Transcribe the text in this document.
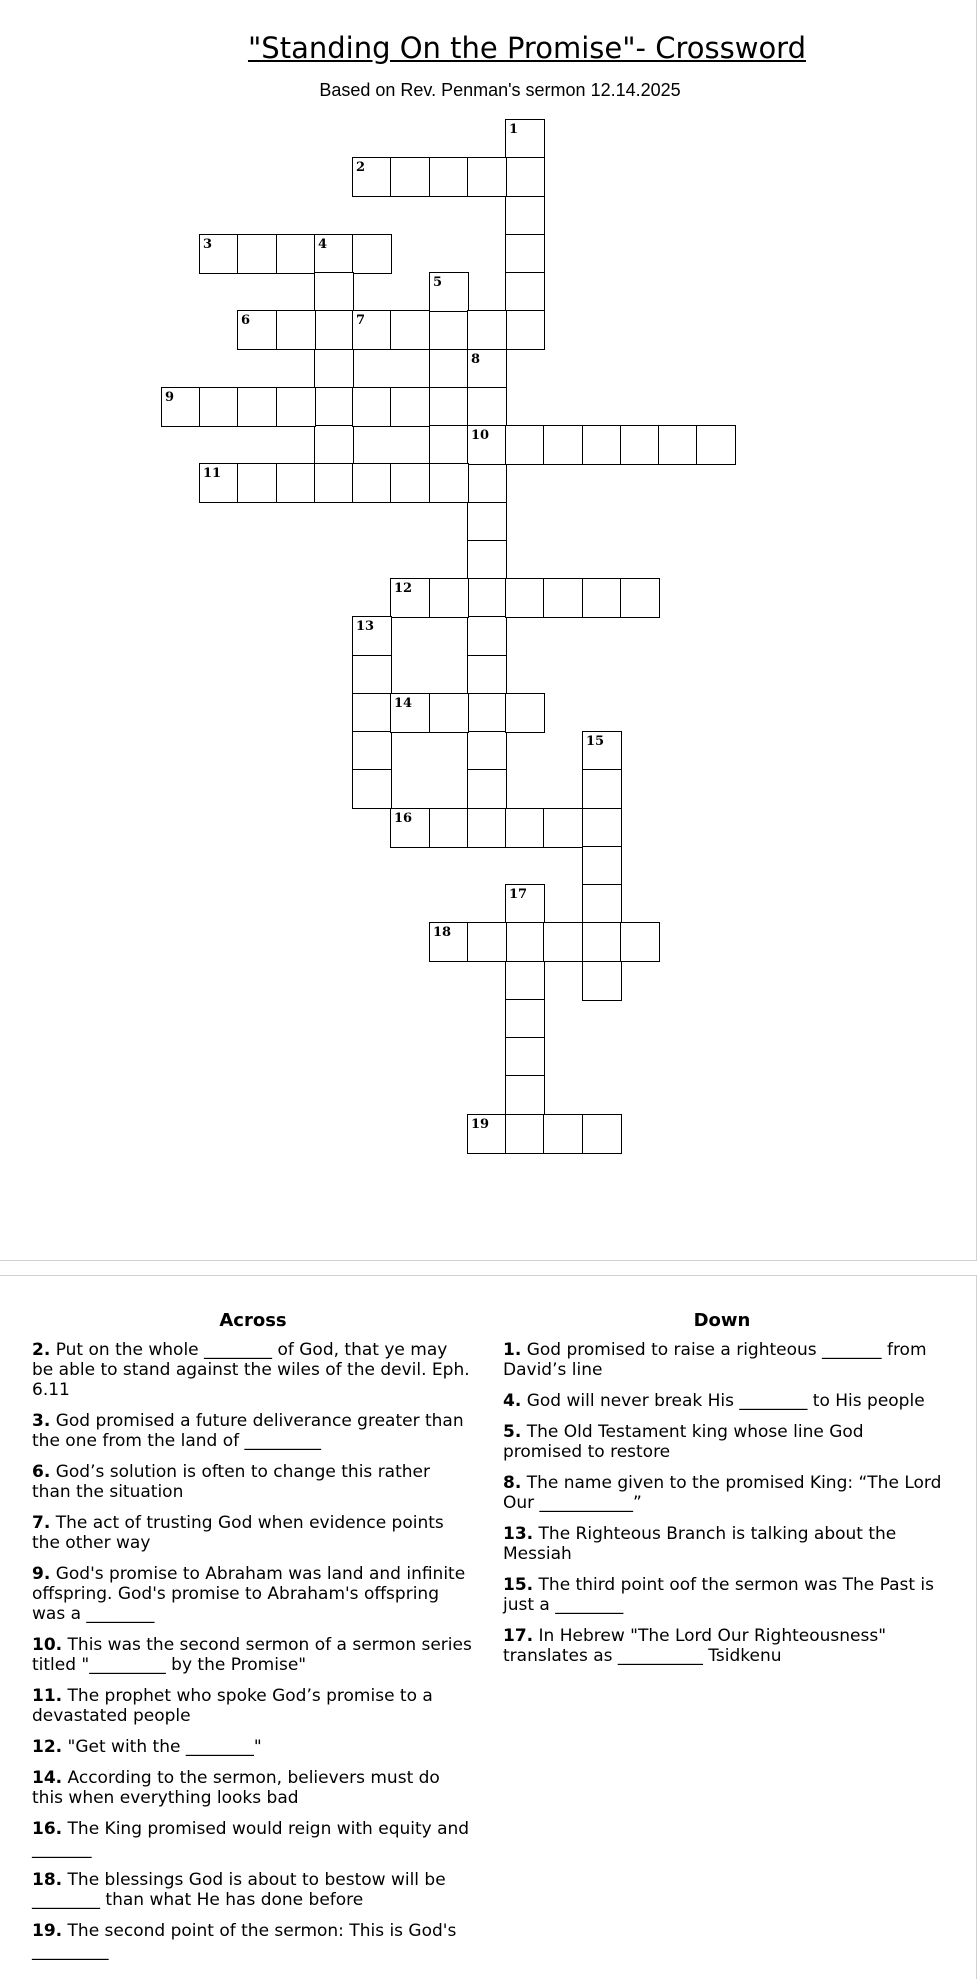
"Standing On the Promise"- Crossword
Based on Rev. Penman's sermon 12.14.2025
1
2
3	4
6	7
5
9
8
10
11
12
13
14
15
16
17
18
19
Across
2. Put on the whole ________ of God, that ye may be able to stand against the wiles of the devil. Eph. 6.11
3. God promised a future deliverance greater than the one from the land of _________
6. God’s solution is often to change this rather than the situation
7. The act of trusting God when evidence points the other way
9. God's promise to Abraham was land and infinite offspring. God's promise to Abraham's offspring was a ________
10. This was the second sermon of a sermon series titled "_________ by the Promise"
11. The prophet who spoke God’s promise to a devastated people
12. "Get with the ________"
14. According to the sermon, believers must do this when everything looks bad
16. The King promised would reign with equity and _______
18. The blessings God is about to bestow will be ________ than what He has done before
19. The second point of the sermon: This is God's _________
Down
1. God promised to raise a righteous _______ from David’s line
4. God will never break His ________ to His people
5. The Old Testament king whose line God promised to restore
8. The name given to the promised King: “The Lord Our ___________”
13. The Righteous Branch is talking about the Messiah
15. The third point oof the sermon was The Past is just a ________
17. In Hebrew "The Lord Our Righteousness" translates as __________ Tsidkenu
